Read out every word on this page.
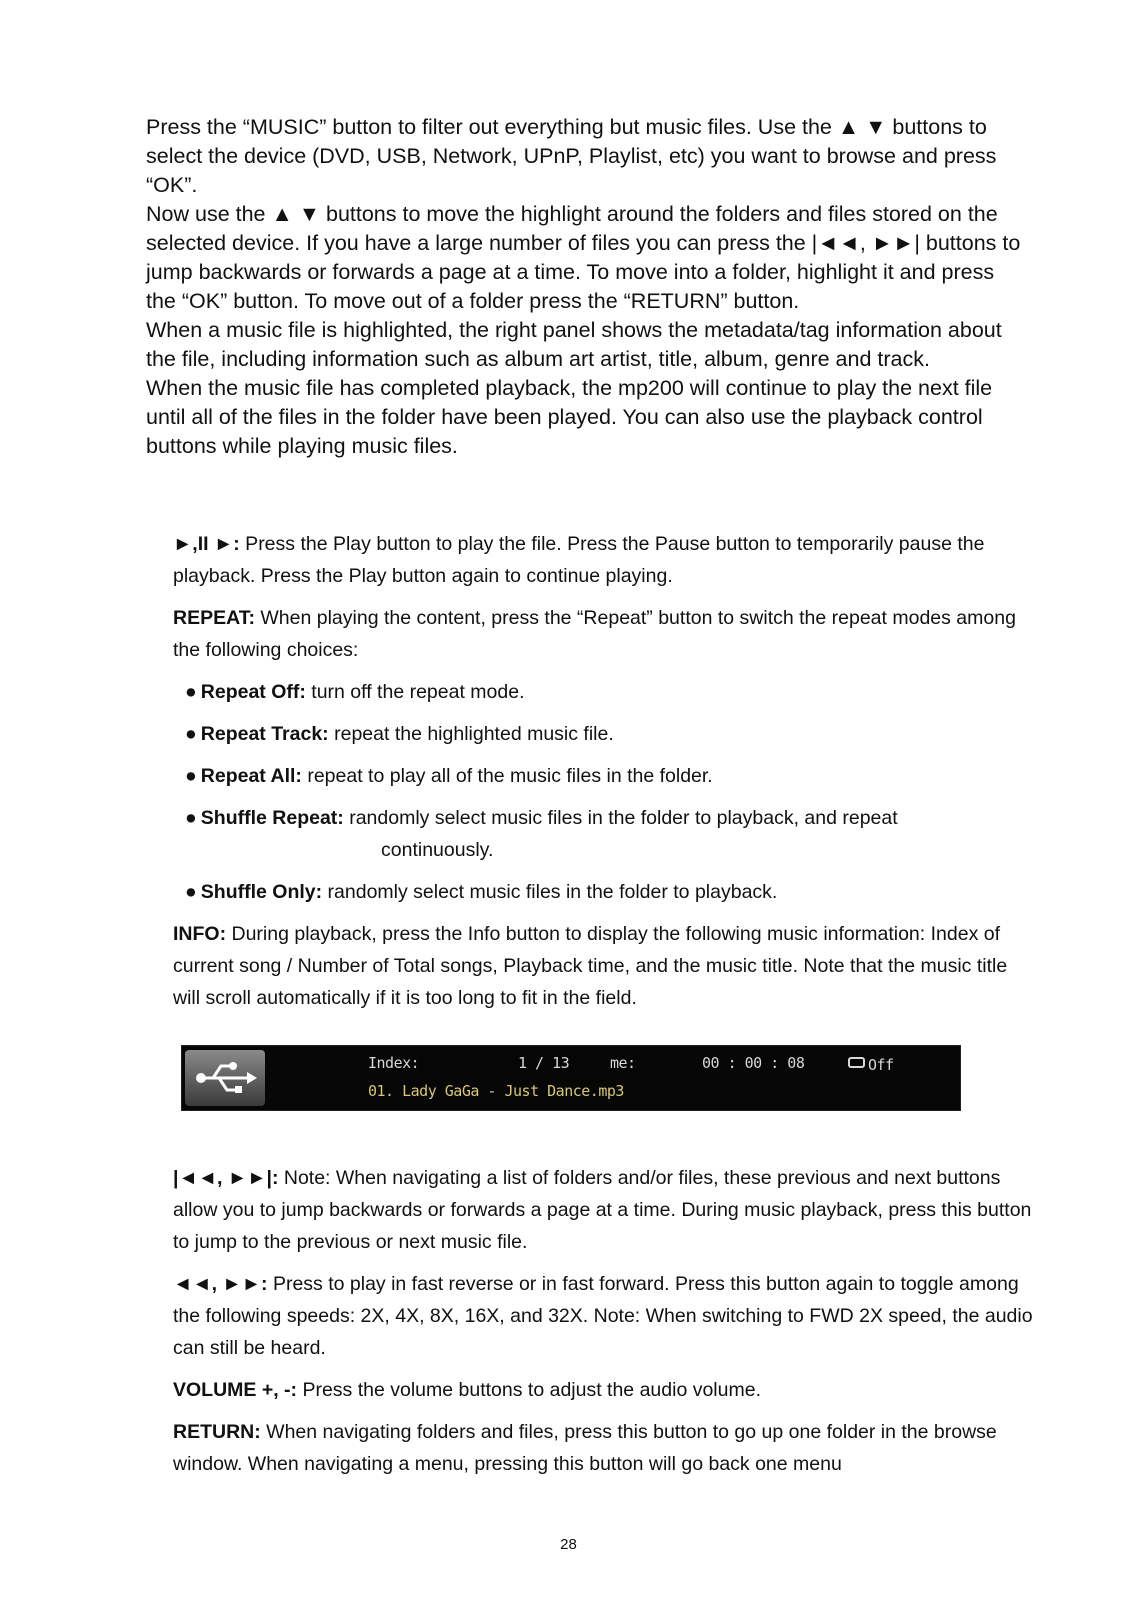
Press the “MUSIC” button to filter out everything but music files. Use the ▲ ▼ buttons to select the device (DVD, USB, Network, UPnP, Playlist, etc) you want to browse and press “OK”.

Now use the ▲ ▼ buttons to move the highlight around the folders and files stored on the selected device. If you have a large number of files you can press the |◄◄, ►►| buttons to jump backwards or forwards a page at a time. To move into a folder, highlight it and press the “OK” button. To move out of a folder press the “RETURN” button.

When a music file is highlighted, the right panel shows the metadata/tag information about the file, including information such as album art artist, title, album, genre and track.

When the music file has completed playback, the mp200 will continue to play the next file until all of the files in the folder have been played. You can also use the playback control buttons while playing music files.

►,II ►: Press the Play button to play the file. Press the Pause button to temporarily pause the playback. Press the Play button again to continue playing.

REPEAT: When playing the content, press the “Repeat” button to switch the repeat modes among the following choices:

● Repeat Off: turn off the repeat mode.
● Repeat Track: repeat the highlighted music file.
● Repeat All: repeat to play all of the music files in the folder.
● Shuffle Repeat: randomly select music files in the folder to playback, and repeat
continuously.
● Shuffle Only: randomly select music files in the folder to playback.

INFO: During playback, press the Info button to display the following music information: Index of current song / Number of Total songs, Playback time, and the music title. Note that the music title will scroll automatically if it is too long to fit in the field.

Index:	1 / 13	me:	00 : 00 : 08	Off
01. Lady GaGa - Just Dance.mp3

|◄◄, ►►|: Note: When navigating a list of folders and/or files, these previous and next buttons allow you to jump backwards or forwards a page at a time. During music playback, press this button to jump to the previous or next music file.

◄◄, ►►: Press to play in fast reverse or in fast forward. Press this button again to toggle among the following speeds: 2X, 4X, 8X, 16X, and 32X. Note: When switching to FWD 2X speed, the audio can still be heard.

VOLUME +, -: Press the volume buttons to adjust the audio volume.

RETURN: When navigating folders and files, press this button to go up one folder in the browse window. When navigating a menu, pressing this button will go back one menu

28
